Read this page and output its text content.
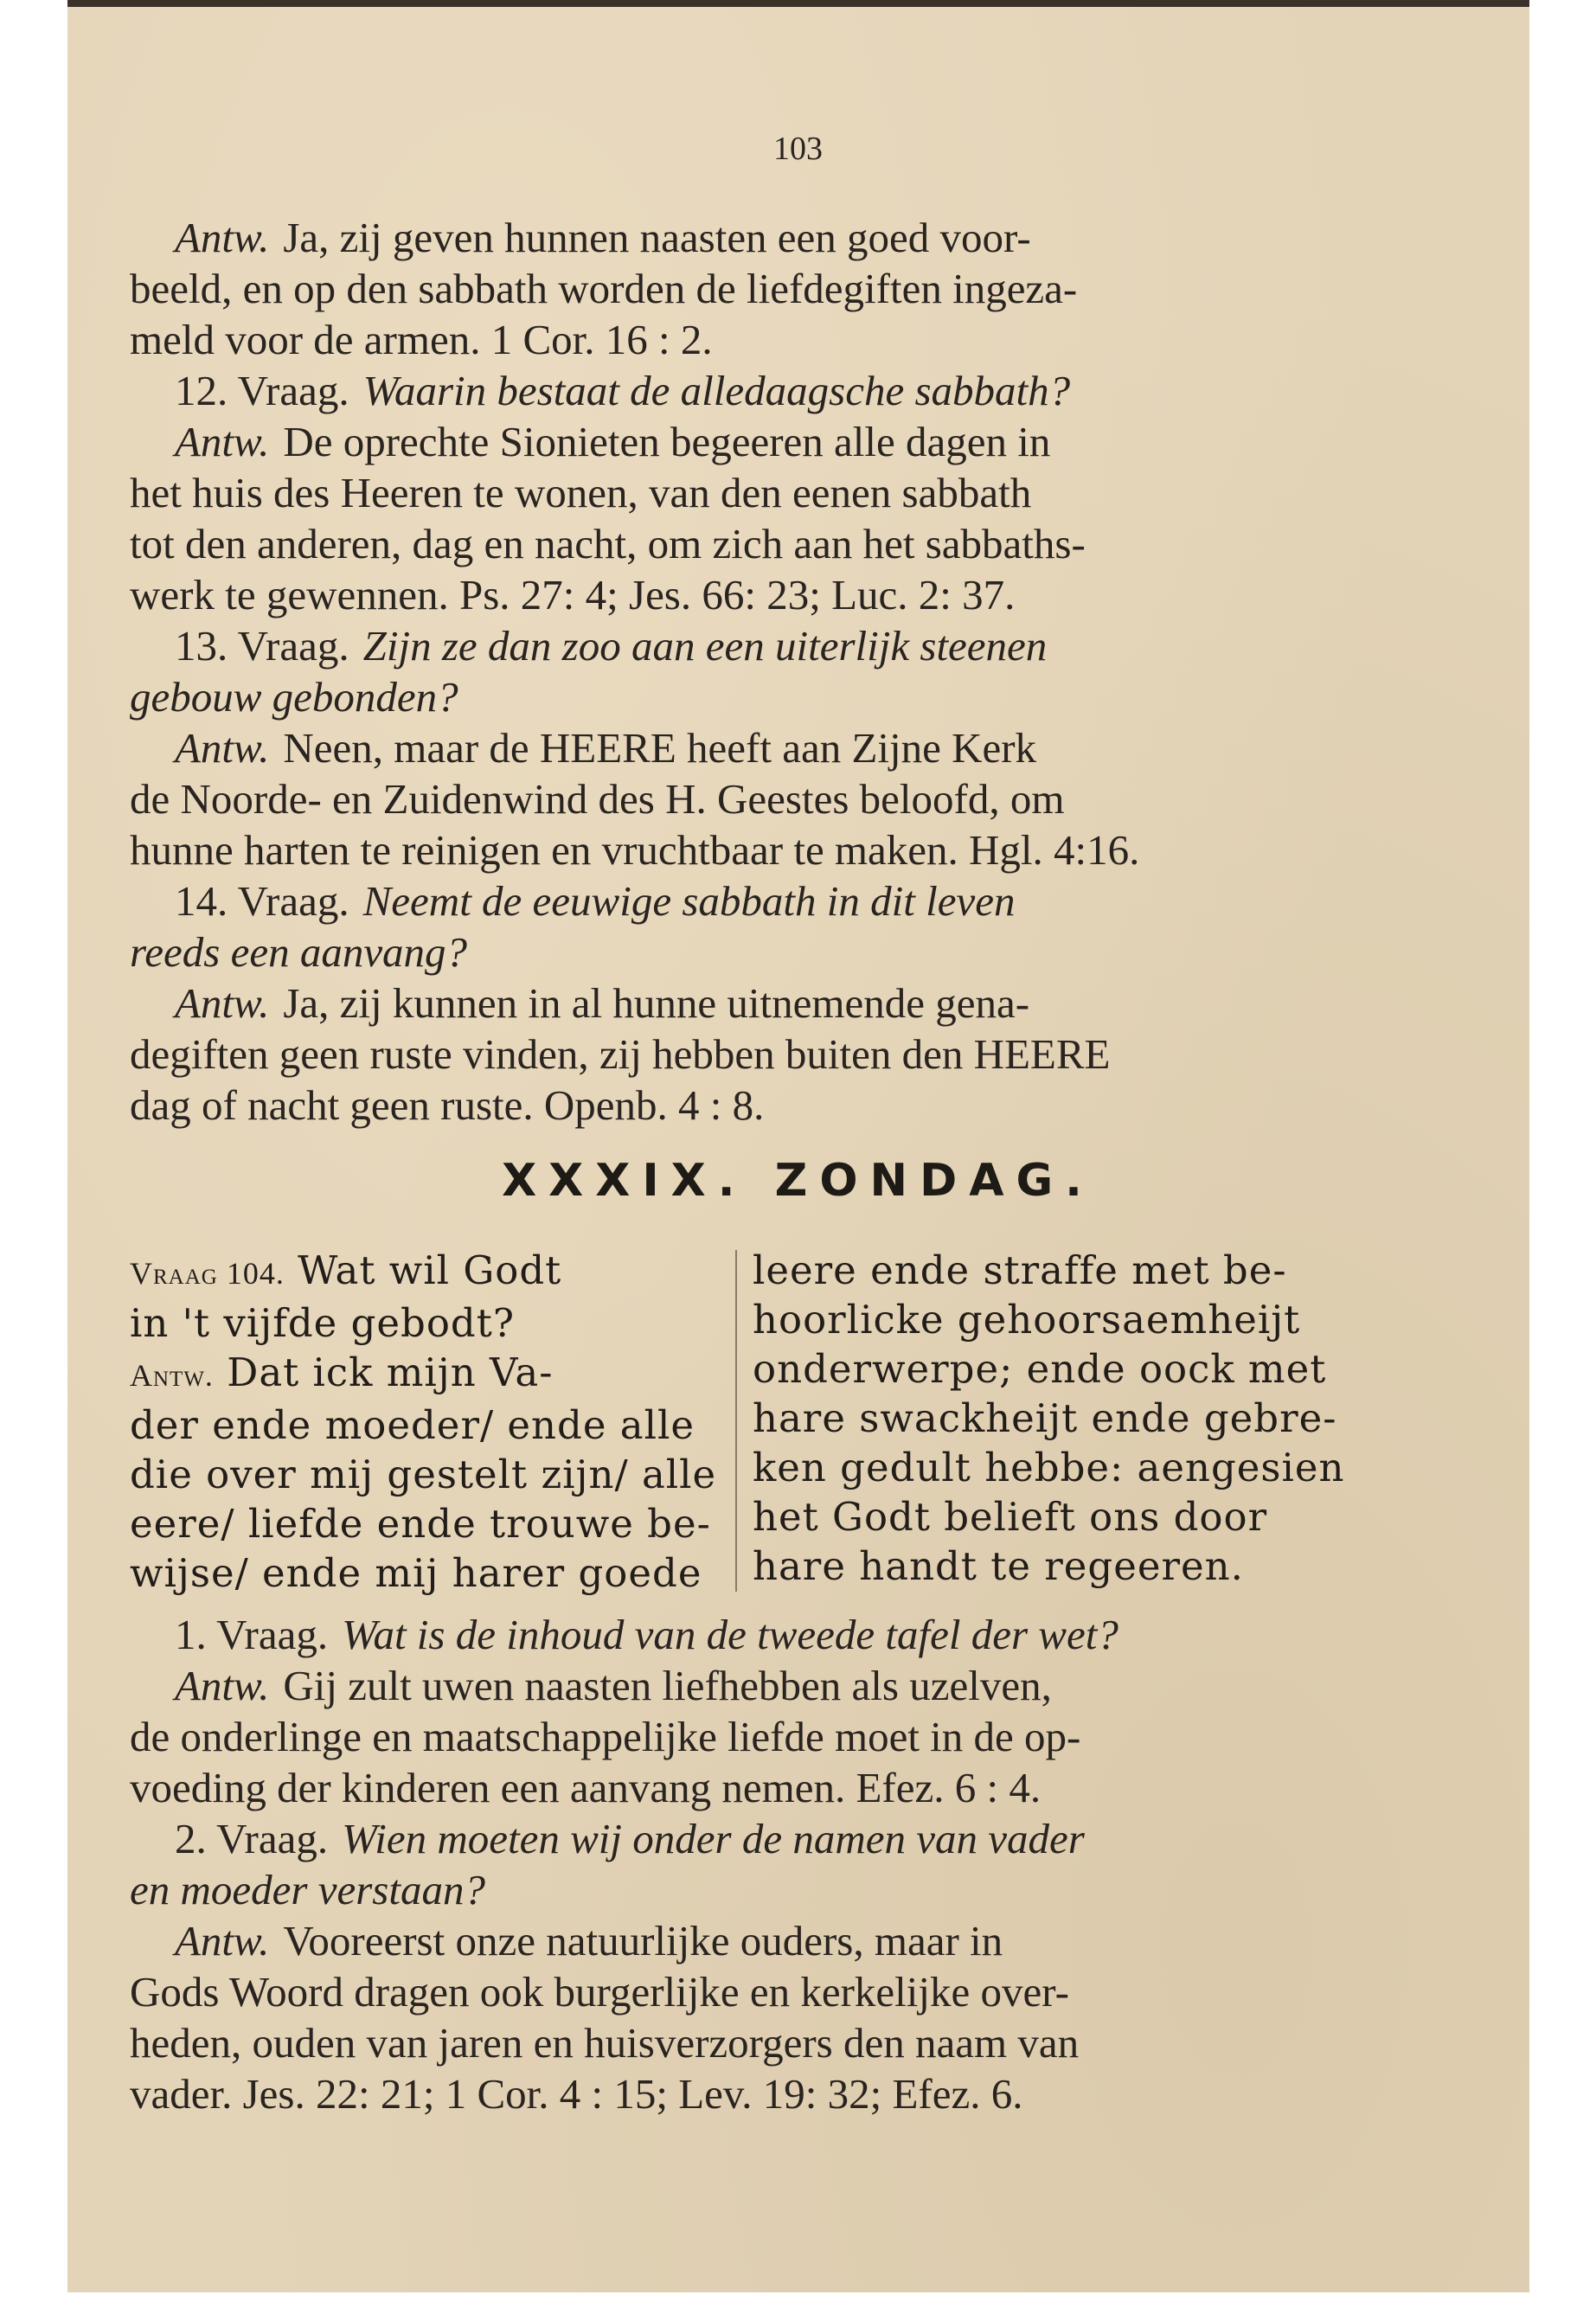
103
Antw. Ja, zij geven hunnen naasten een goed voor-
beeld, en op den sabbath worden de liefdegiften ingeza-
meld voor de armen. 1 Cor. 16 : 2.
12. Vraag. Waarin bestaat de alledaagsche sabbath?
Antw. De oprechte Sionieten begeeren alle dagen in
het huis des Heeren te wonen, van den eenen sabbath
tot den anderen, dag en nacht, om zich aan het sabbaths-
werk te gewennen. Ps. 27: 4; Jes. 66: 23; Luc. 2: 37.
13. Vraag. Zijn ze dan zoo aan een uiterlijk steenen
gebouw gebonden?
Antw. Neen, maar de HEERE heeft aan Zijne Kerk
de Noorde- en Zuidenwind des H. Geestes beloofd, om
hunne harten te reinigen en vruchtbaar te maken. Hgl. 4:16.
14. Vraag. Neemt de eeuwige sabbath in dit leven
reeds een aanvang?
Antw. Ja, zij kunnen in al hunne uitnemende gena-
degiften geen ruste vinden, zij hebben buiten den HEERE
dag of nacht geen ruste. Openb. 4 : 8.
XXXIX. ZONDAG.
Vraag 104. Wat wil Godt
in 't vijfde gebodt?
Antw. Dat ick mijn Va-
der ende moeder/ ende alle
die over mij gestelt zijn/ alle
eere/ liefde ende trouwe be-
wijse/ ende mij harer goede
leere ende straffe met be-
hoorlicke gehoorsaemheijt
onderwerpe; ende oock met
hare swackheijt ende gebre-
ken gedult hebbe: aengesien
het Godt belieft ons door
hare handt te regeeren.
1. Vraag. Wat is de inhoud van de tweede tafel der wet?
Antw. Gij zult uwen naasten liefhebben als uzelven,
de onderlinge en maatschappelijke liefde moet in de op-
voeding der kinderen een aanvang nemen. Efez. 6 : 4.
2. Vraag. Wien moeten wij onder de namen van vader
en moeder verstaan?
Antw. Vooreerst onze natuurlijke ouders, maar in
Gods Woord dragen ook burgerlijke en kerkelijke over-
heden, ouden van jaren en huisverzorgers den naam van
vader. Jes. 22: 21; 1 Cor. 4 : 15; Lev. 19: 32; Efez. 6.
